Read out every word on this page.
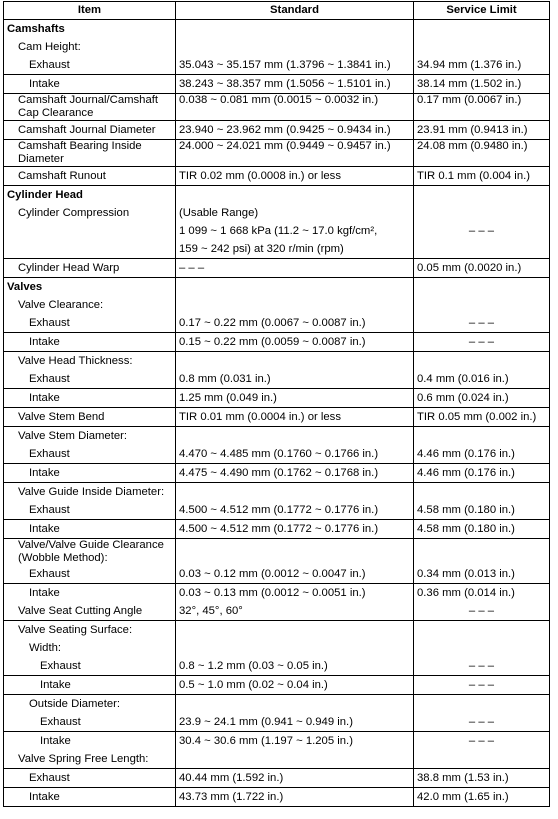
Item	Standard	Service Limit
Camshafts		
Cam Height:		
Exhaust	35.043 ~ 35.157 mm (1.3796 ~ 1.3841 in.)	34.94 mm (1.376 in.)
Intake	38.243 ~ 38.357 mm (1.5056 ~ 1.5101 in.)	38.14 mm (1.502 in.)
Camshaft Journal/Camshaft Cap Clearance	0.038 ~ 0.081 mm (0.0015 ~ 0.0032 in.)	0.17 mm (0.0067 in.)
Camshaft Journal Diameter	23.940 ~ 23.962 mm (0.9425 ~ 0.9434 in.)	23.91 mm (0.9413 in.)
Camshaft Bearing Inside Diameter	24.000 ~ 24.021 mm (0.9449 ~ 0.9457 in.)	24.08 mm (0.9480 in.)
Camshaft Runout	TIR 0.02 mm (0.0008 in.) or less	TIR 0.1 mm (0.004 in.)
Cylinder Head		
Cylinder Compression	(Usable Range)	
	1 099 ~ 1 668 kPa (11.2 ~ 17.0 kgf/cm²,	– – –
	159 ~ 242 psi) at 320 r/min (rpm)	
Cylinder Head Warp	– – –	0.05 mm (0.0020 in.)
Valves		
Valve Clearance:		
Exhaust	0.17 ~ 0.22 mm (0.0067 ~ 0.0087 in.)	– – –
Intake	0.15 ~ 0.22 mm (0.0059 ~ 0.0087 in.)	– – –
Valve Head Thickness:		
Exhaust	0.8 mm (0.031 in.)	0.4 mm (0.016 in.)
Intake	1.25 mm (0.049 in.)	0.6 mm (0.024 in.)
Valve Stem Bend	TIR 0.01 mm (0.0004 in.) or less	TIR 0.05 mm (0.002 in.)
Valve Stem Diameter:		
Exhaust	4.470 ~ 4.485 mm (0.1760 ~ 0.1766 in.)	4.46 mm (0.176 in.)
Intake	4.475 ~ 4.490 mm (0.1762 ~ 0.1768 in.)	4.46 mm (0.176 in.)
Valve Guide Inside Diameter:		
Exhaust	4.500 ~ 4.512 mm (0.1772 ~ 0.1776 in.)	4.58 mm (0.180 in.)
Intake	4.500 ~ 4.512 mm (0.1772 ~ 0.1776 in.)	4.58 mm (0.180 in.)
Valve/Valve Guide Clearance (Wobble Method):		
Exhaust	0.03 ~ 0.12 mm (0.0012 ~ 0.0047 in.)	0.34 mm (0.013 in.)
Intake	0.03 ~ 0.13 mm (0.0012 ~ 0.0051 in.)	0.36 mm (0.014 in.)
Valve Seat Cutting Angle	32°, 45°, 60°	– – –
Valve Seating Surface:		
Width:		
Exhaust	0.8 ~ 1.2 mm (0.03 ~ 0.05 in.)	– – –
Intake	0.5 ~ 1.0 mm (0.02 ~ 0.04 in.)	– – –
Outside Diameter:		
Exhaust	23.9 ~ 24.1 mm (0.941 ~ 0.949 in.)	– – –
Intake	30.4 ~ 30.6 mm (1.197 ~ 1.205 in.)	– – –
Valve Spring Free Length:		
Exhaust	40.44 mm (1.592 in.)	38.8 mm (1.53 in.)
Intake	43.73 mm (1.722 in.)	42.0 mm (1.65 in.)
